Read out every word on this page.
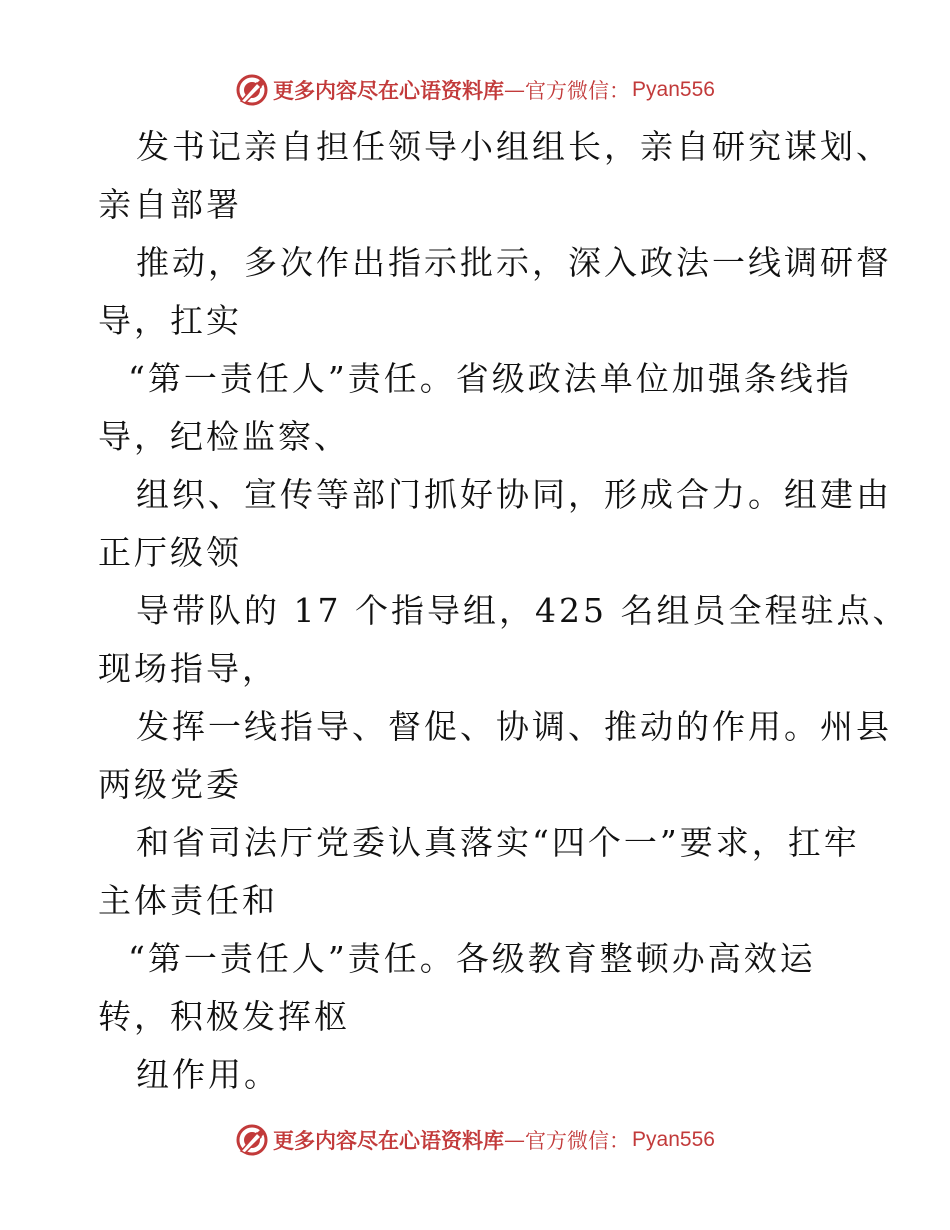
更多内容尽在心语资料库 — 官方微信： Pyan556
发书记亲自担任领导小组组长，亲自研究谋划、
亲自部署
推动，多次作出指示批示，深入政法一线调研督
导，扛实
“第一责任人”责任。省级政法单位加强条线指
导，纪检监察、
组织、宣传等部门抓好协同，形成合力。组建由
正厅级领
导带队的 17 个指导组，425 名组员全程驻点、
现场指导，
发挥一线指导、督促、协调、推动的作用。州县
两级党委
和省司法厅党委认真落实“四个一”要求，扛牢
主体责任和
“第一责任人”责任。各级教育整顿办高效运
转，积极发挥枢
纽作用。
更多内容尽在心语资料库 — 官方微信： Pyan556
